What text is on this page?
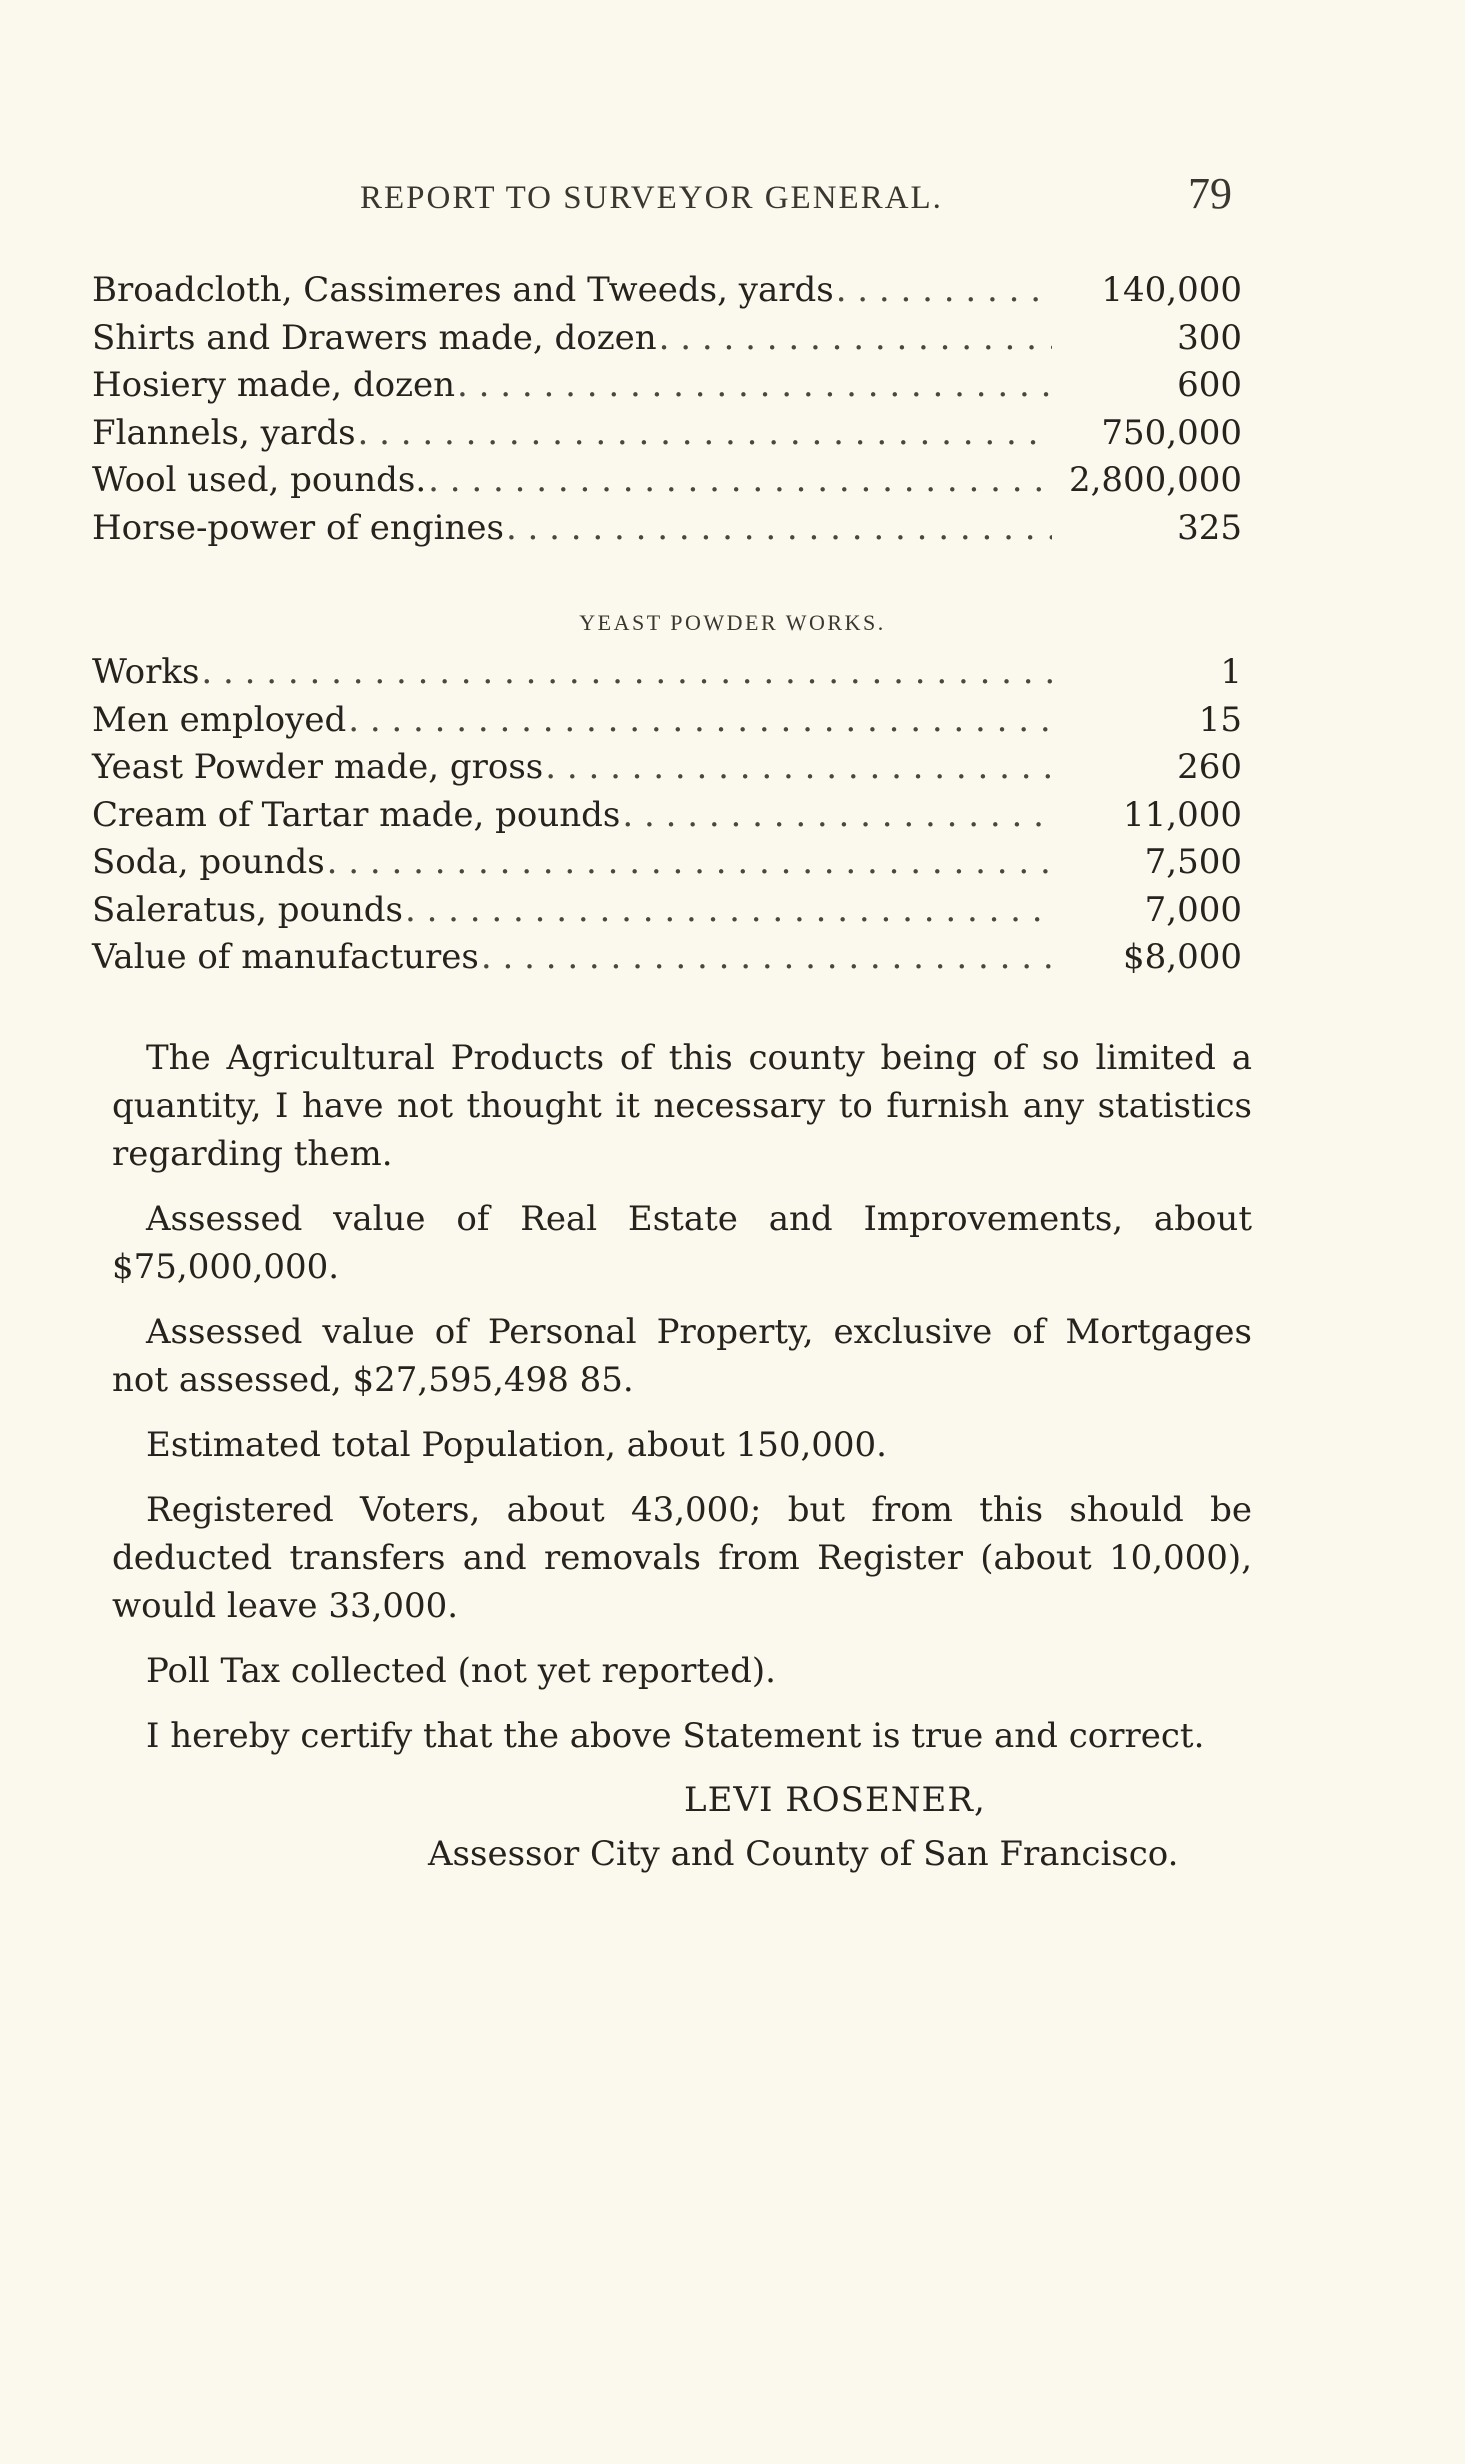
REPORT TO SURVEYOR GENERAL.	79
Broadcloth, Cassimeres and Tweeds, yards . . .	140,000
Shirts and Drawers made, dozen . . .	300
Hosiery made, dozen . . .	600
Flannels, yards . . .	750,000
Wool used, pounds. . . .	2,800,000
Horse-power of engines . . .	325
YEAST POWDER WORKS.
Works . . .	1
Men employed . . .	15
Yeast Powder made, gross . . .	260
Cream of Tartar made, pounds . . .	11,000
Soda, pounds . . .	7,500
Saleratus, pounds . . .	7,000
Value of manufactures . . .	$8,000

The Agricultural Products of this county being of so limited a quantity, I have not thought it necessary to furnish any statistics regarding them.

Assessed value of Real Estate and Improvements, about $75,000,000.

Assessed value of Personal Property, exclusive of Mortgages not assessed, $27,595,498 85.

Estimated total Population, about 150,000.

Registered Voters, about 43,000; but from this should be deducted transfers and removals from Register (about 10,000), would leave 33,000.

Poll Tax collected (not yet reported).

I hereby certify that the above Statement is true and correct.

LEVI ROSENER,
Assessor City and County of San Francisco.
